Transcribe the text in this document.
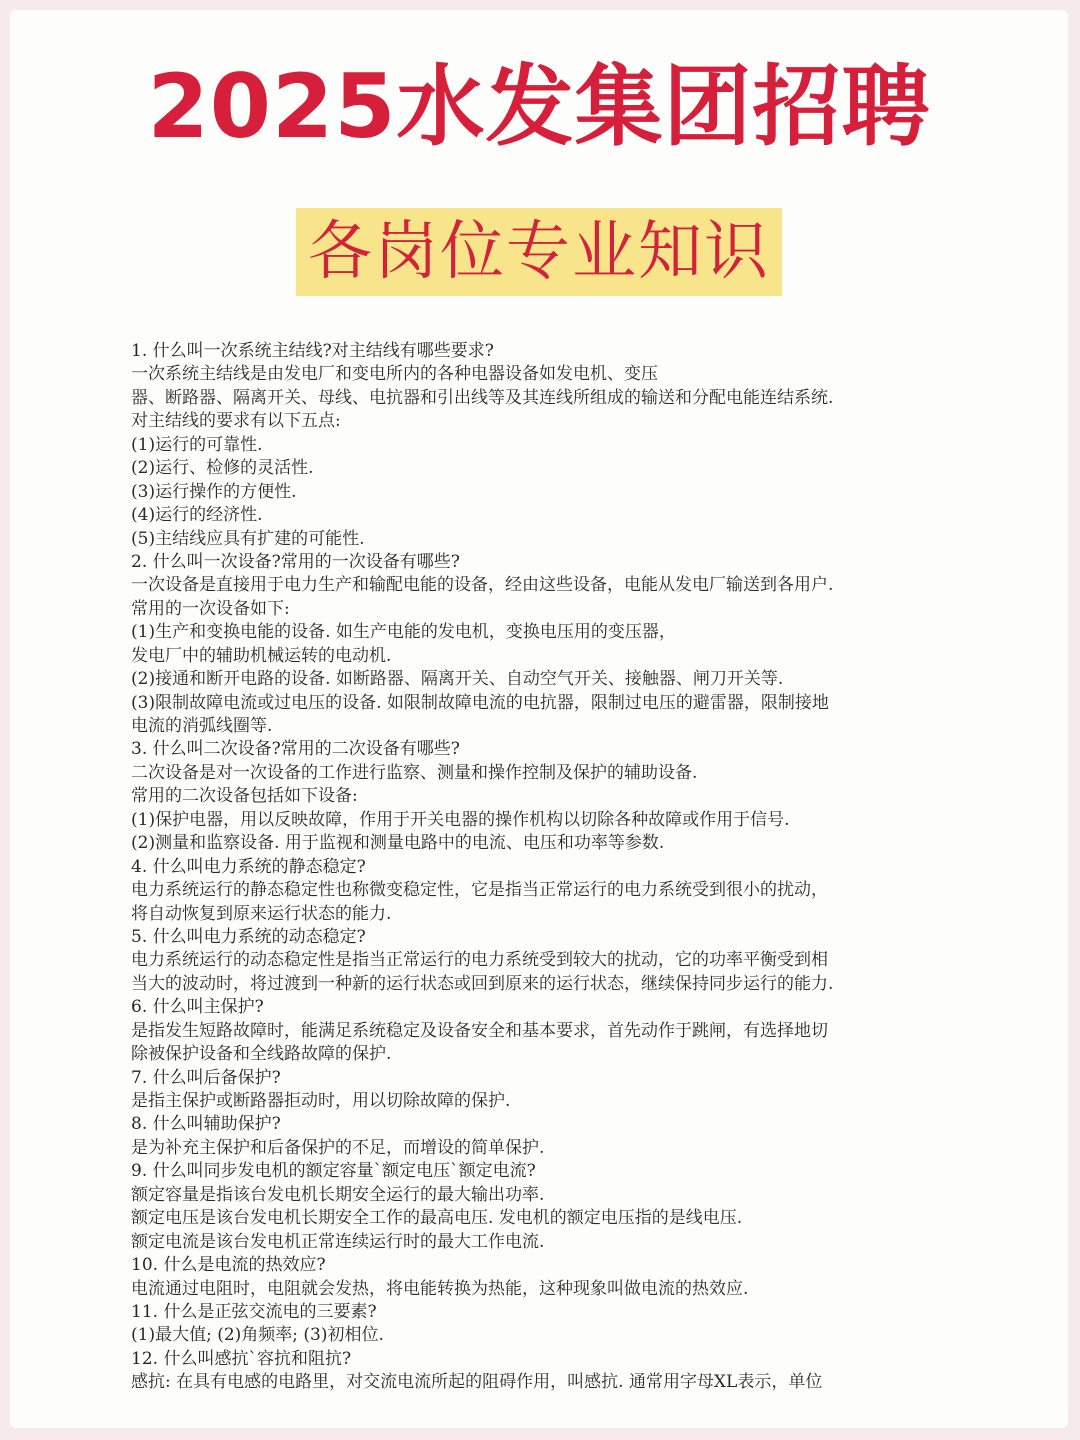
2025水发集团招聘
各岗位专业知识
1. 什么叫一次系统主结线?对主结线有哪些要求?
一次系统主结线是由发电厂和变电所内的各种电器设备如发电机、变压
器、断路器、隔离开关、母线、电抗器和引出线等及其连线所组成的输送和分配电能连结系统.
对主结线的要求有以下五点:
(1)运行的可靠性.
(2)运行、检修的灵活性.
(3)运行操作的方便性.
(4)运行的经济性.
(5)主结线应具有扩建的可能性.
2. 什么叫一次设备?常用的一次设备有哪些?
一次设备是直接用于电力生产和输配电能的设备，经由这些设备，电能从发电厂输送到各用户.
常用的一次设备如下:
(1)生产和变换电能的设备. 如生产电能的发电机，变换电压用的变压器，
发电厂中的辅助机械运转的电动机.
(2)接通和断开电路的设备. 如断路器、隔离开关、自动空气开关、接触器、闸刀开关等.
(3)限制故障电流或过电压的设备. 如限制故障电流的电抗器，限制过电压的避雷器，限制接地
电流的消弧线圈等.
3. 什么叫二次设备?常用的二次设备有哪些?
二次设备是对一次设备的工作进行监察、测量和操作控制及保护的辅助设备.
常用的二次设备包括如下设备:
(1)保护电器，用以反映故障，作用于开关电器的操作机构以切除各种故障或作用于信号.
(2)测量和监察设备. 用于监视和测量电路中的电流、电压和功率等参数.
4. 什么叫电力系统的静态稳定?
电力系统运行的静态稳定性也称微变稳定性，它是指当正常运行的电力系统受到很小的扰动，
将自动恢复到原来运行状态的能力.
5. 什么叫电力系统的动态稳定?
电力系统运行的动态稳定性是指当正常运行的电力系统受到较大的扰动，它的功率平衡受到相
当大的波动时，将过渡到一种新的运行状态或回到原来的运行状态，继续保持同步运行的能力.
6. 什么叫主保护?
是指发生短路故障时，能满足系统稳定及设备安全和基本要求，首先动作于跳闸，有选择地切
除被保护设备和全线路故障的保护.
7. 什么叫后备保护?
是指主保护或断路器拒动时，用以切除故障的保护.
8. 什么叫辅助保护?
是为补充主保护和后备保护的不足，而增设的简单保护.
9. 什么叫同步发电机的额定容量`额定电压`额定电流?
额定容量是指该台发电机长期安全运行的最大输出功率.
额定电压是该台发电机长期安全工作的最高电压. 发电机的额定电压指的是线电压.
额定电流是该台发电机正常连续运行时的最大工作电流.
10. 什么是电流的热效应?
电流通过电阻时，电阻就会发热，将电能转换为热能，这种现象叫做电流的热效应.
11. 什么是正弦交流电的三要素?
(1)最大值; (2)角频率; (3)初相位.
12. 什么叫感抗`容抗和阻抗?
感抗: 在具有电感的电路里，对交流电流所起的阻碍作用，叫感抗. 通常用字母XL表示，单位
